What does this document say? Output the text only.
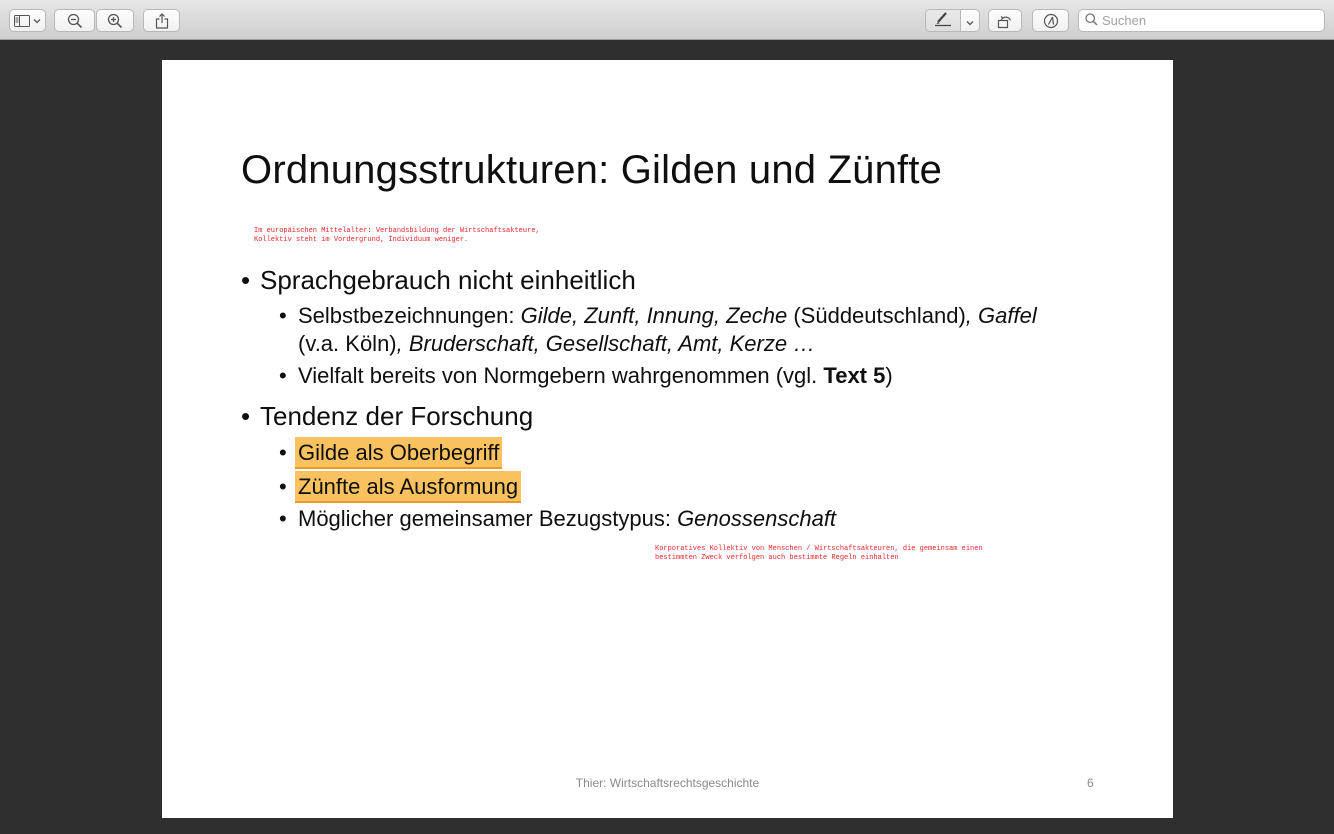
Suchen
Ordnungsstrukturen: Gilden und Zünfte
Im europäischen Mittelalter: Verbandsbildung der Wirtschaftsakteure,
Kollektiv steht im Vordergrund, Individuum weniger.
• Sprachgebrauch nicht einheitlich
• Selbstbezeichnungen: Gilde, Zunft, Innung, Zeche (Süddeutschland), Gaffel
(v.a. Köln), Bruderschaft, Gesellschaft, Amt, Kerze …
• Vielfalt bereits von Normgebern wahrgenommen (vgl. Text 5)
• Tendenz der Forschung
• Gilde als Oberbegriff
• Zünfte als Ausformung
• Möglicher gemeinsamer Bezugstypus: Genossenschaft
Korporatives Kollektiv von Menschen / Wirtschaftsakteuren, die gemeinsam einen
bestimmten Zweck verfolgen auch bestimmte Regeln einhalten
Thier: Wirtschaftsrechtsgeschichte	6
